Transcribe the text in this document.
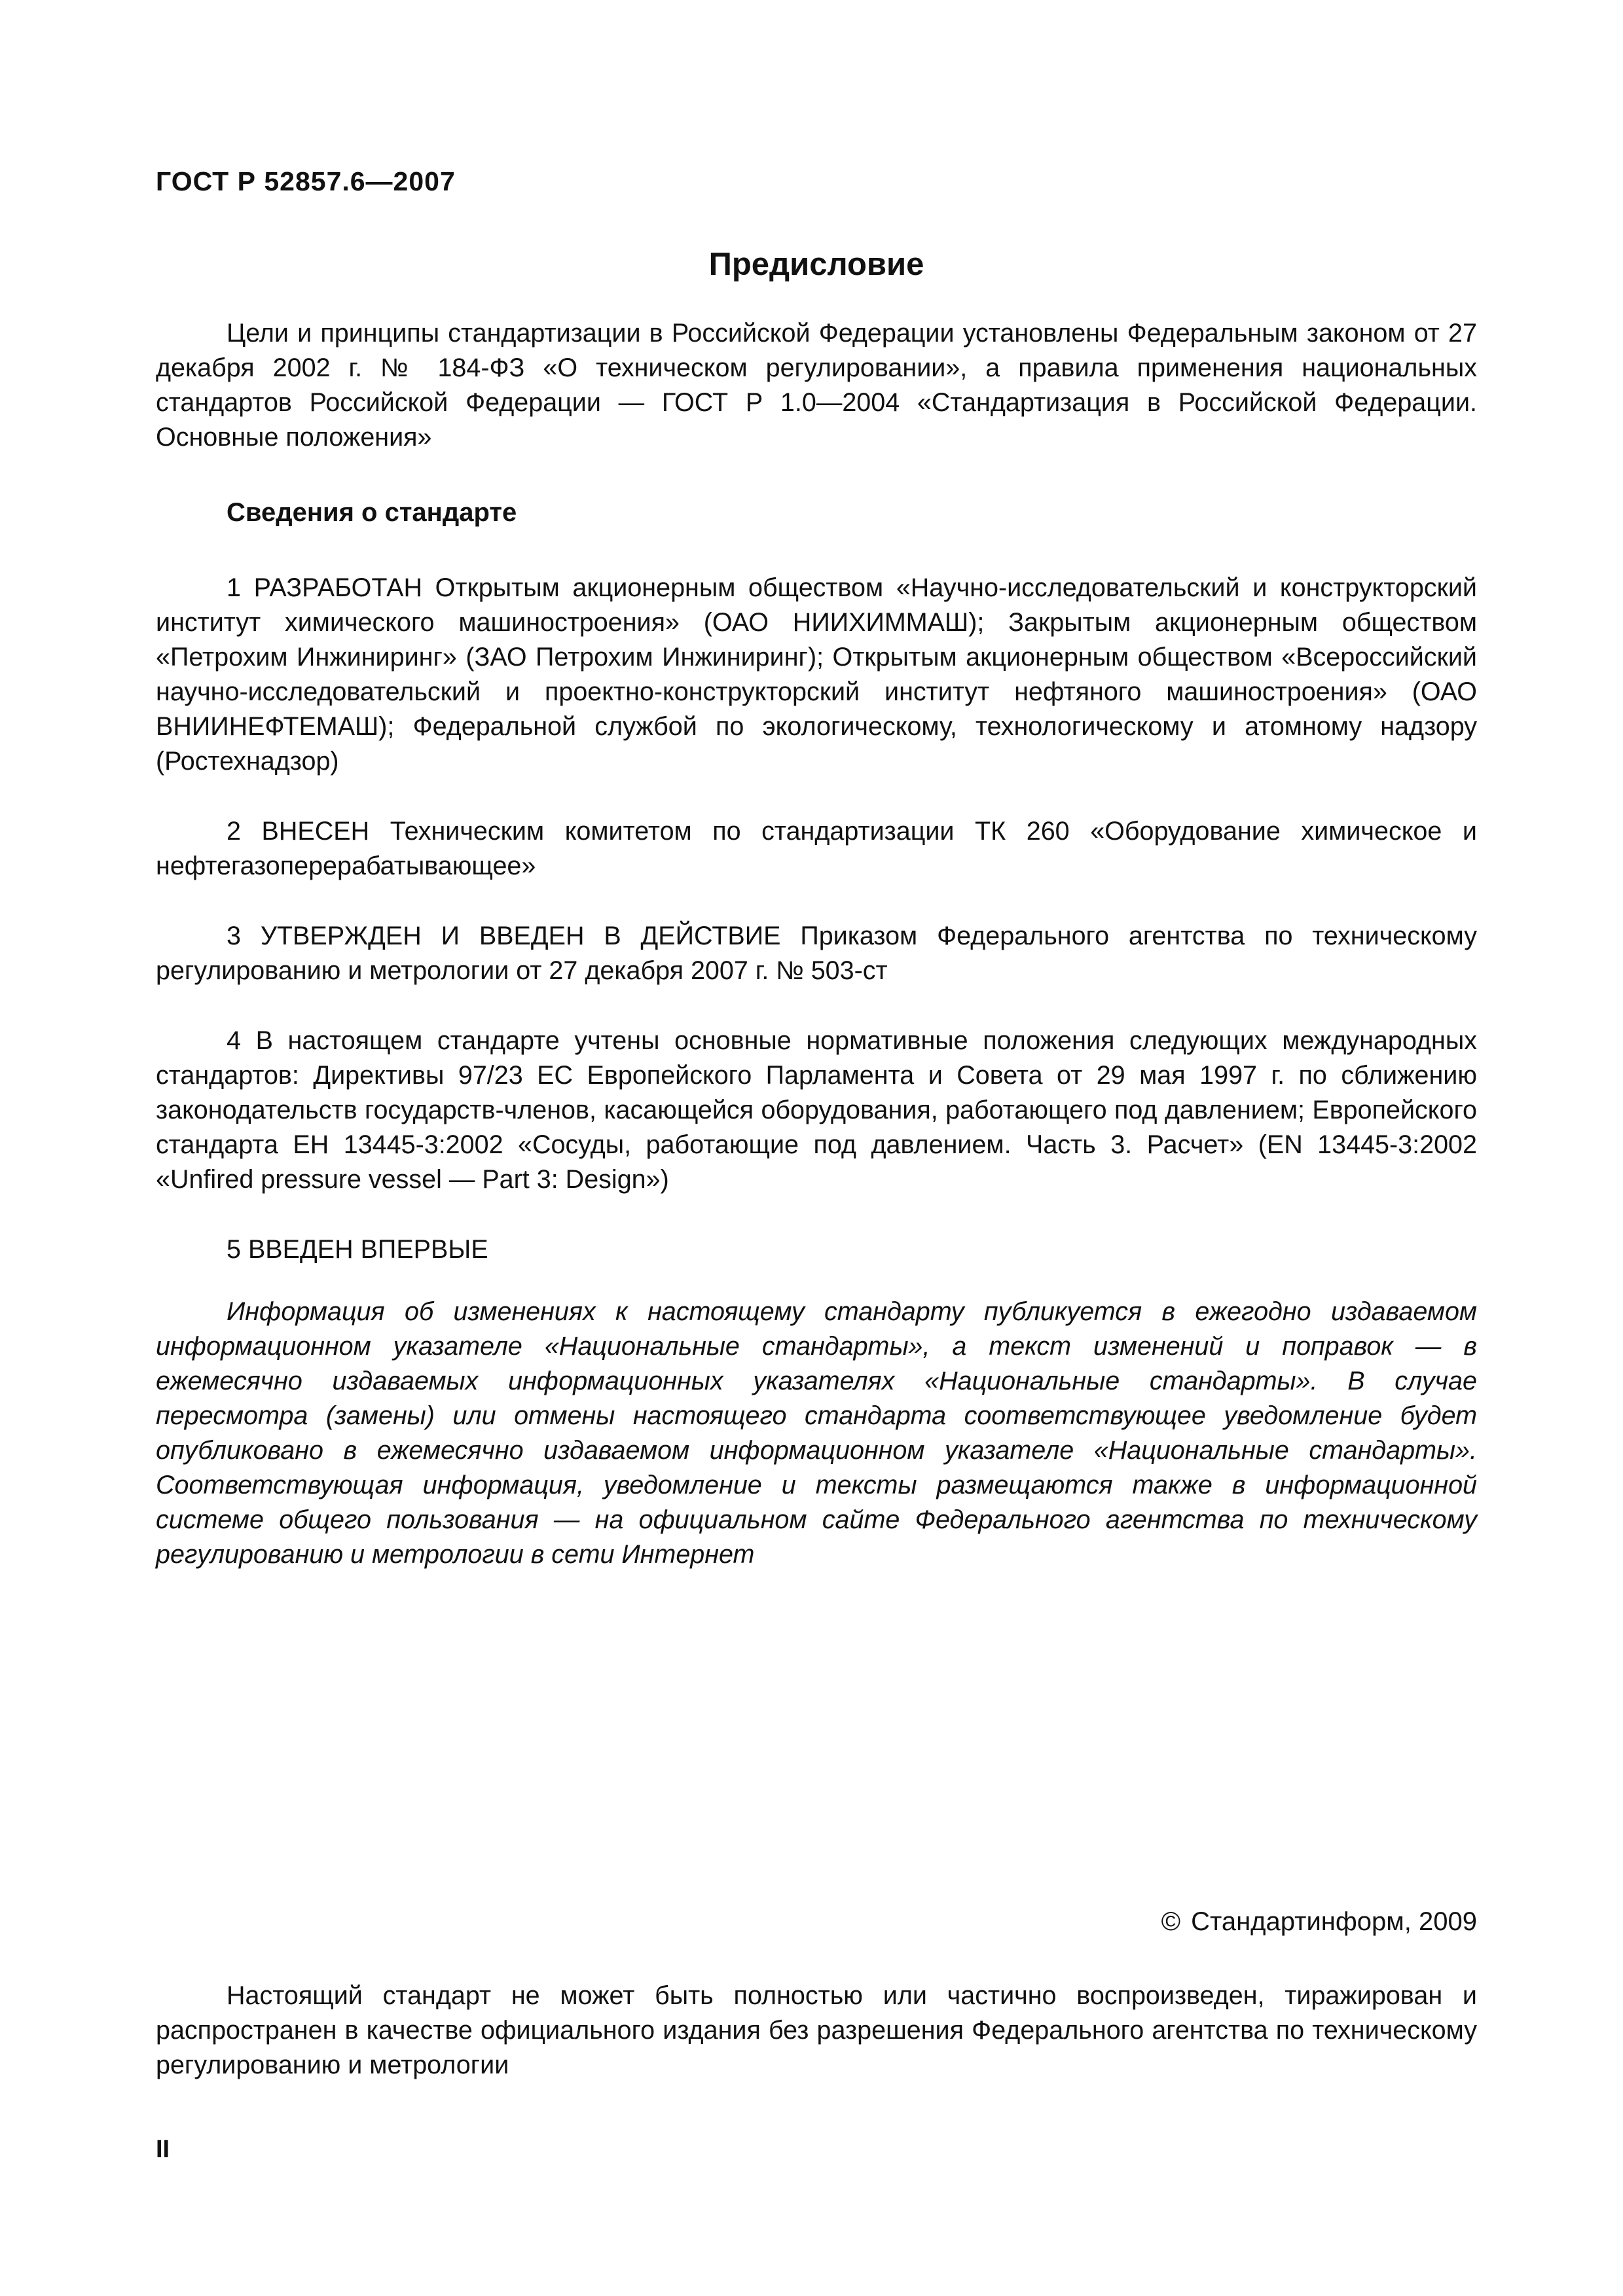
ГОСТ Р 52857.6—2007

Предисловие

Цели и принципы стандартизации в Российской Федерации установлены Федеральным законом от 27 декабря 2002 г. № 184-ФЗ «О техническом регулировании», а правила применения национальных стандартов Российской Федерации — ГОСТ Р 1.0—2004 «Стандартизация в Российской Федерации. Основные положения»

Сведения о стандарте

1 РАЗРАБОТАН Открытым акционерным обществом «Научно-исследовательский и конструкторский институт химического машиностроения» (ОАО НИИХИММАШ); Закрытым акционерным обществом «Петрохим Инжиниринг» (ЗАО Петрохим Инжиниринг); Открытым акционерным обществом «Всероссийский научно-исследовательский и проектно-конструкторский институт нефтяного машиностроения» (ОАО ВНИИНЕФТЕМАШ); Федеральной службой по экологическому, технологическому и атомному надзору (Ростехнадзор)

2 ВНЕСЕН Техническим комитетом по стандартизации ТК 260 «Оборудование химическое и нефтегазоперерабатывающее»

3 УТВЕРЖДЕН И ВВЕДЕН В ДЕЙСТВИЕ Приказом Федерального агентства по техническому регулированию и метрологии от 27 декабря 2007 г. № 503-ст

4 В настоящем стандарте учтены основные нормативные положения следующих международных стандартов: Директивы 97/23 ЕС Европейского Парламента и Совета от 29 мая 1997 г. по сближению законодательств государств-членов, касающейся оборудования, работающего под давлением; Европейского стандарта ЕН 13445-3:2002 «Сосуды, работающие под давлением. Часть 3. Расчет» (EN 13445-3:2002 «Unfired pressure vessel — Part 3: Design»)

5 ВВЕДЕН ВПЕРВЫЕ

Информация об изменениях к настоящему стандарту публикуется в ежегодно издаваемом информационном указателе «Национальные стандарты», а текст изменений и поправок — в ежемесячно издаваемых информационных указателях «Национальные стандарты». В случае пересмотра (замены) или отмены настоящего стандарта соответствующее уведомление будет опубликовано в ежемесячно издаваемом информационном указателе «Национальные стандарты». Соответствующая информация, уведомление и тексты размещаются также в информационной системе общего пользования — на официальном сайте Федерального агентства по техническому регулированию и метрологии в сети Интернет

© Стандартинформ, 2009

Настоящий стандарт не может быть полностью или частично воспроизведен, тиражирован и распространен в качестве официального издания без разрешения Федерального агентства по техническому регулированию и метрологии

II
